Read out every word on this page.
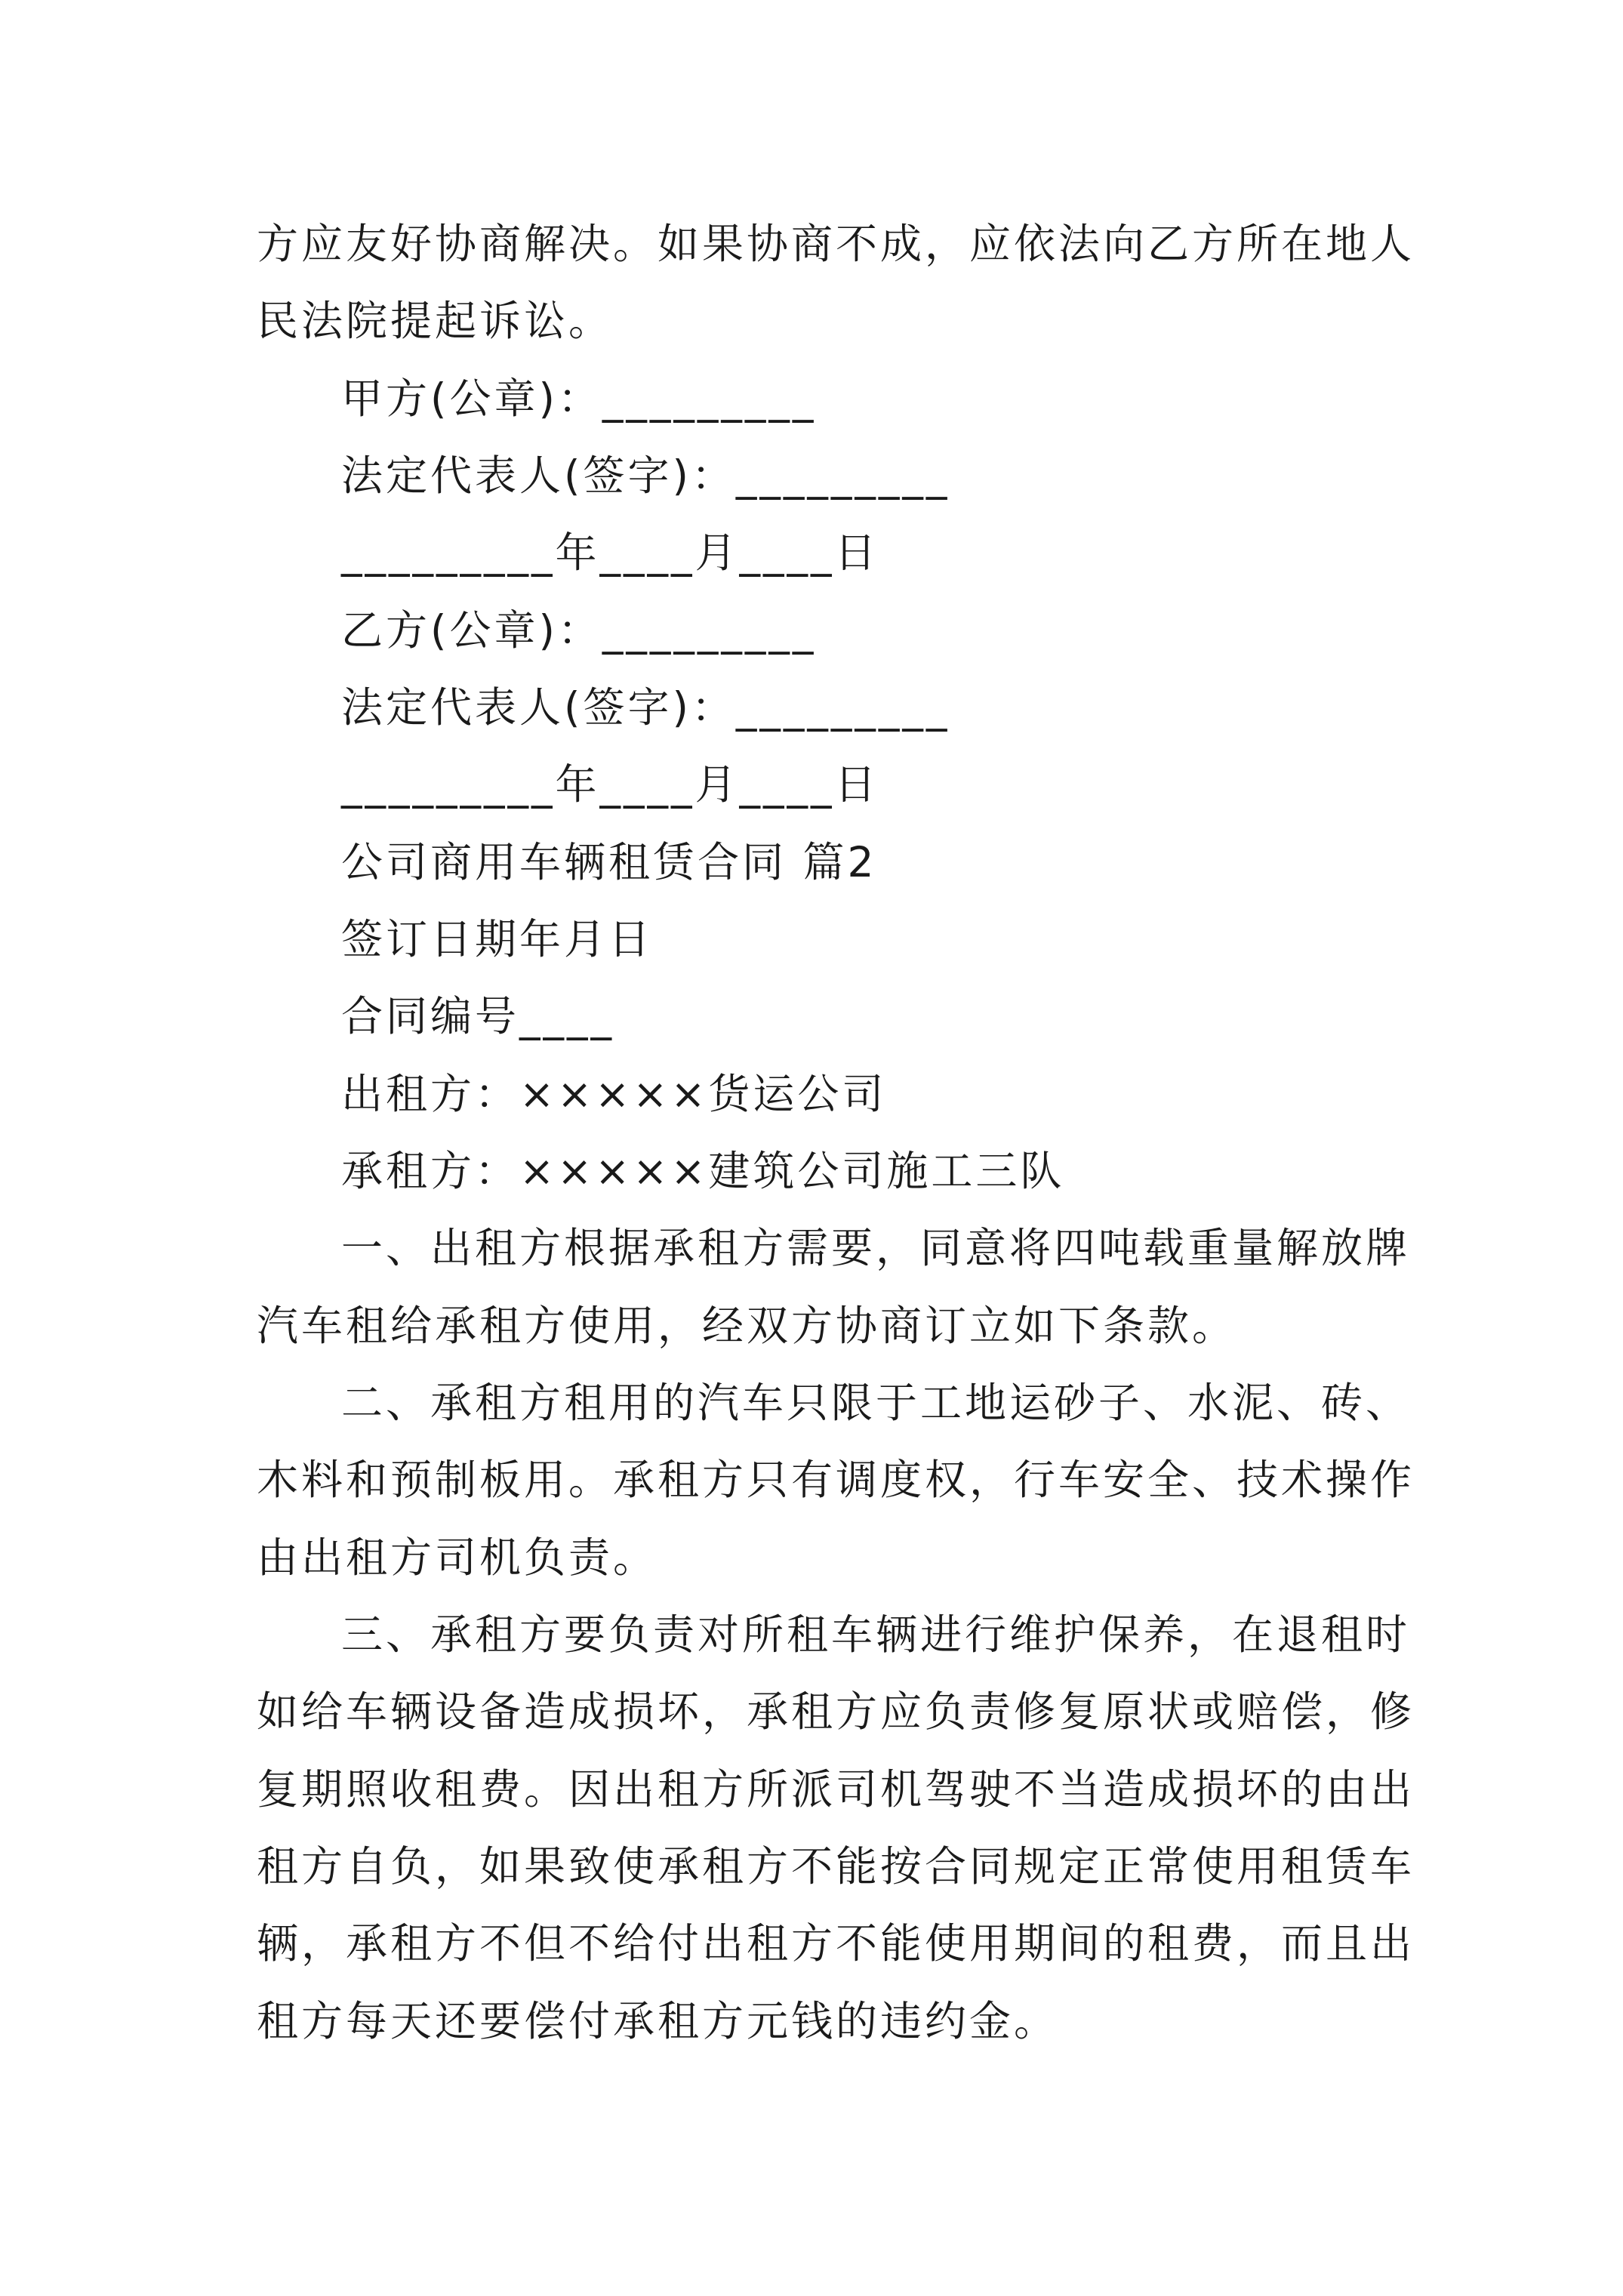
方应友好协商解决。如果协商不成，应依法向乙方所在地人
民法院提起诉讼。
甲方(公章)：_________
法定代表人(签字)：_________
_________年____月____日
乙方(公章)：_________
法定代表人(签字)：_________
_________年____月____日
公司商用车辆租赁合同 篇2
签订日期年月日
合同编号____
出租方：×××××货运公司
承租方：×××××建筑公司施工三队
一、出租方根据承租方需要，同意将四吨载重量解放牌
汽车租给承租方使用，经双方协商订立如下条款。
二、承租方租用的汽车只限于工地运砂子、水泥、砖、
木料和预制板用。承租方只有调度权，行车安全、技术操作
由出租方司机负责。
三、承租方要负责对所租车辆进行维护保养，在退租时
如给车辆设备造成损坏，承租方应负责修复原状或赔偿，修
复期照收租费。因出租方所派司机驾驶不当造成损坏的由出
租方自负，如果致使承租方不能按合同规定正常使用租赁车
辆，承租方不但不给付出租方不能使用期间的租费，而且出
租方每天还要偿付承租方元钱的违约金。
